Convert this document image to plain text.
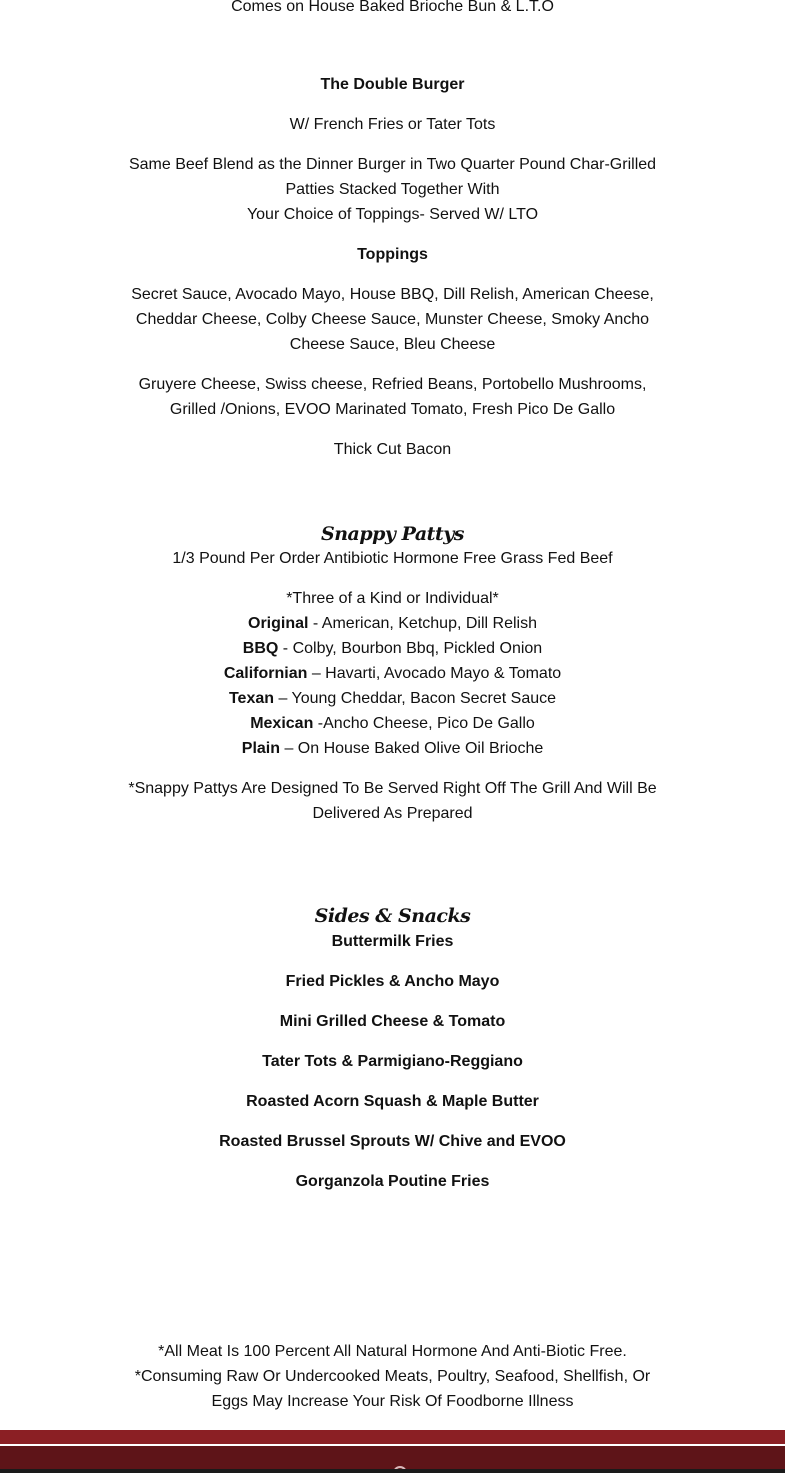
Comes on House Baked Brioche Bun & L.T.O
The Double Burger
W/ French Fries or Tater Tots
Same Beef Blend as the Dinner Burger in Two Quarter Pound Char-Grilled Patties Stacked Together With
Your Choice of Toppings- Served W/ LTO
Toppings
Secret Sauce, Avocado Mayo, House BBQ, Dill Relish, American Cheese, Cheddar Cheese, Colby Cheese Sauce, Munster Cheese, Smoky Ancho Cheese Sauce, Bleu Cheese
Gruyere Cheese, Swiss cheese, Refried Beans, Portobello Mushrooms, Grilled /Onions, EVOO Marinated Tomato, Fresh Pico De Gallo
Thick Cut Bacon
Snappy Pattys
1/3 Pound Per Order Antibiotic Hormone Free Grass Fed Beef
*Three of a Kind or Individual*
Original - American, Ketchup, Dill Relish
BBQ - Colby, Bourbon Bbq, Pickled Onion
Californian – Havarti, Avocado Mayo & Tomato
Texan – Young Cheddar, Bacon Secret Sauce
Mexican -Ancho Cheese, Pico De Gallo
Plain – On House Baked Olive Oil Brioche
*Snappy Pattys Are Designed To Be Served Right Off The Grill And Will Be Delivered As Prepared
Sides & Snacks
Buttermilk Fries
Fried Pickles & Ancho Mayo
Mini Grilled Cheese & Tomato
Tater Tots & Parmigiano-Reggiano
Roasted Acorn Squash & Maple Butter
Roasted Brussel Sprouts W/ Chive and EVOO
Gorganzola Poutine Fries
*All Meat Is 100 Percent All Natural Hormone And Anti-Biotic Free.
*Consuming Raw Or Undercooked Meats, Poultry, Seafood, Shellfish, Or Eggs May Increase Your Risk Of Foodborne Illness
